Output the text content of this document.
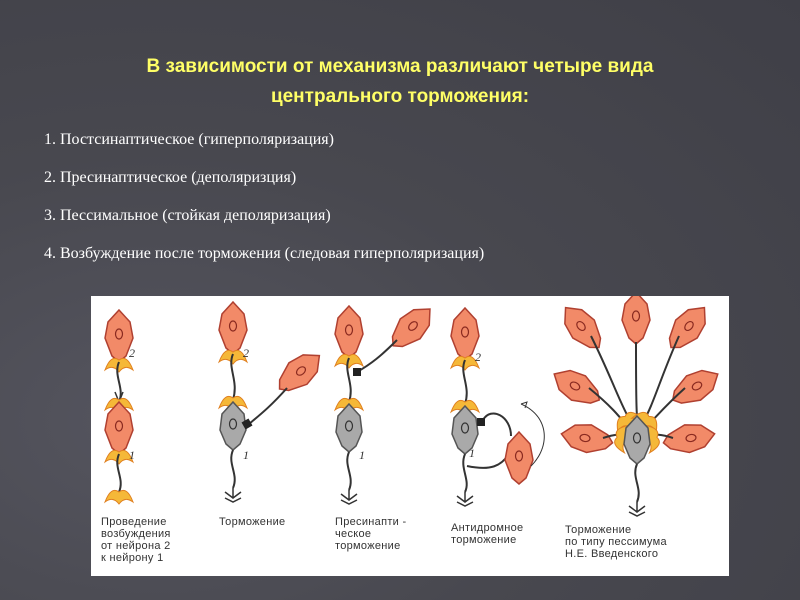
В зависимости от механизма различают четыре вида
центрального торможения:
1. Постсинаптическое (гиперполяризация)
2. Пресинаптическое (деполяризция)
3. Пессимальное (стойкая деполяризация)
4. Возбуждение после торможения (следовая гиперполяризация)
2
1
2
1	1
2
1
Проведение
возбуждения
от нейрона 2
к нейрону 1
Торможение	Пресинапти -
ческое
торможение
Антидромное
торможение
Торможение
по типу пессимума
Н.Е. Введенского
